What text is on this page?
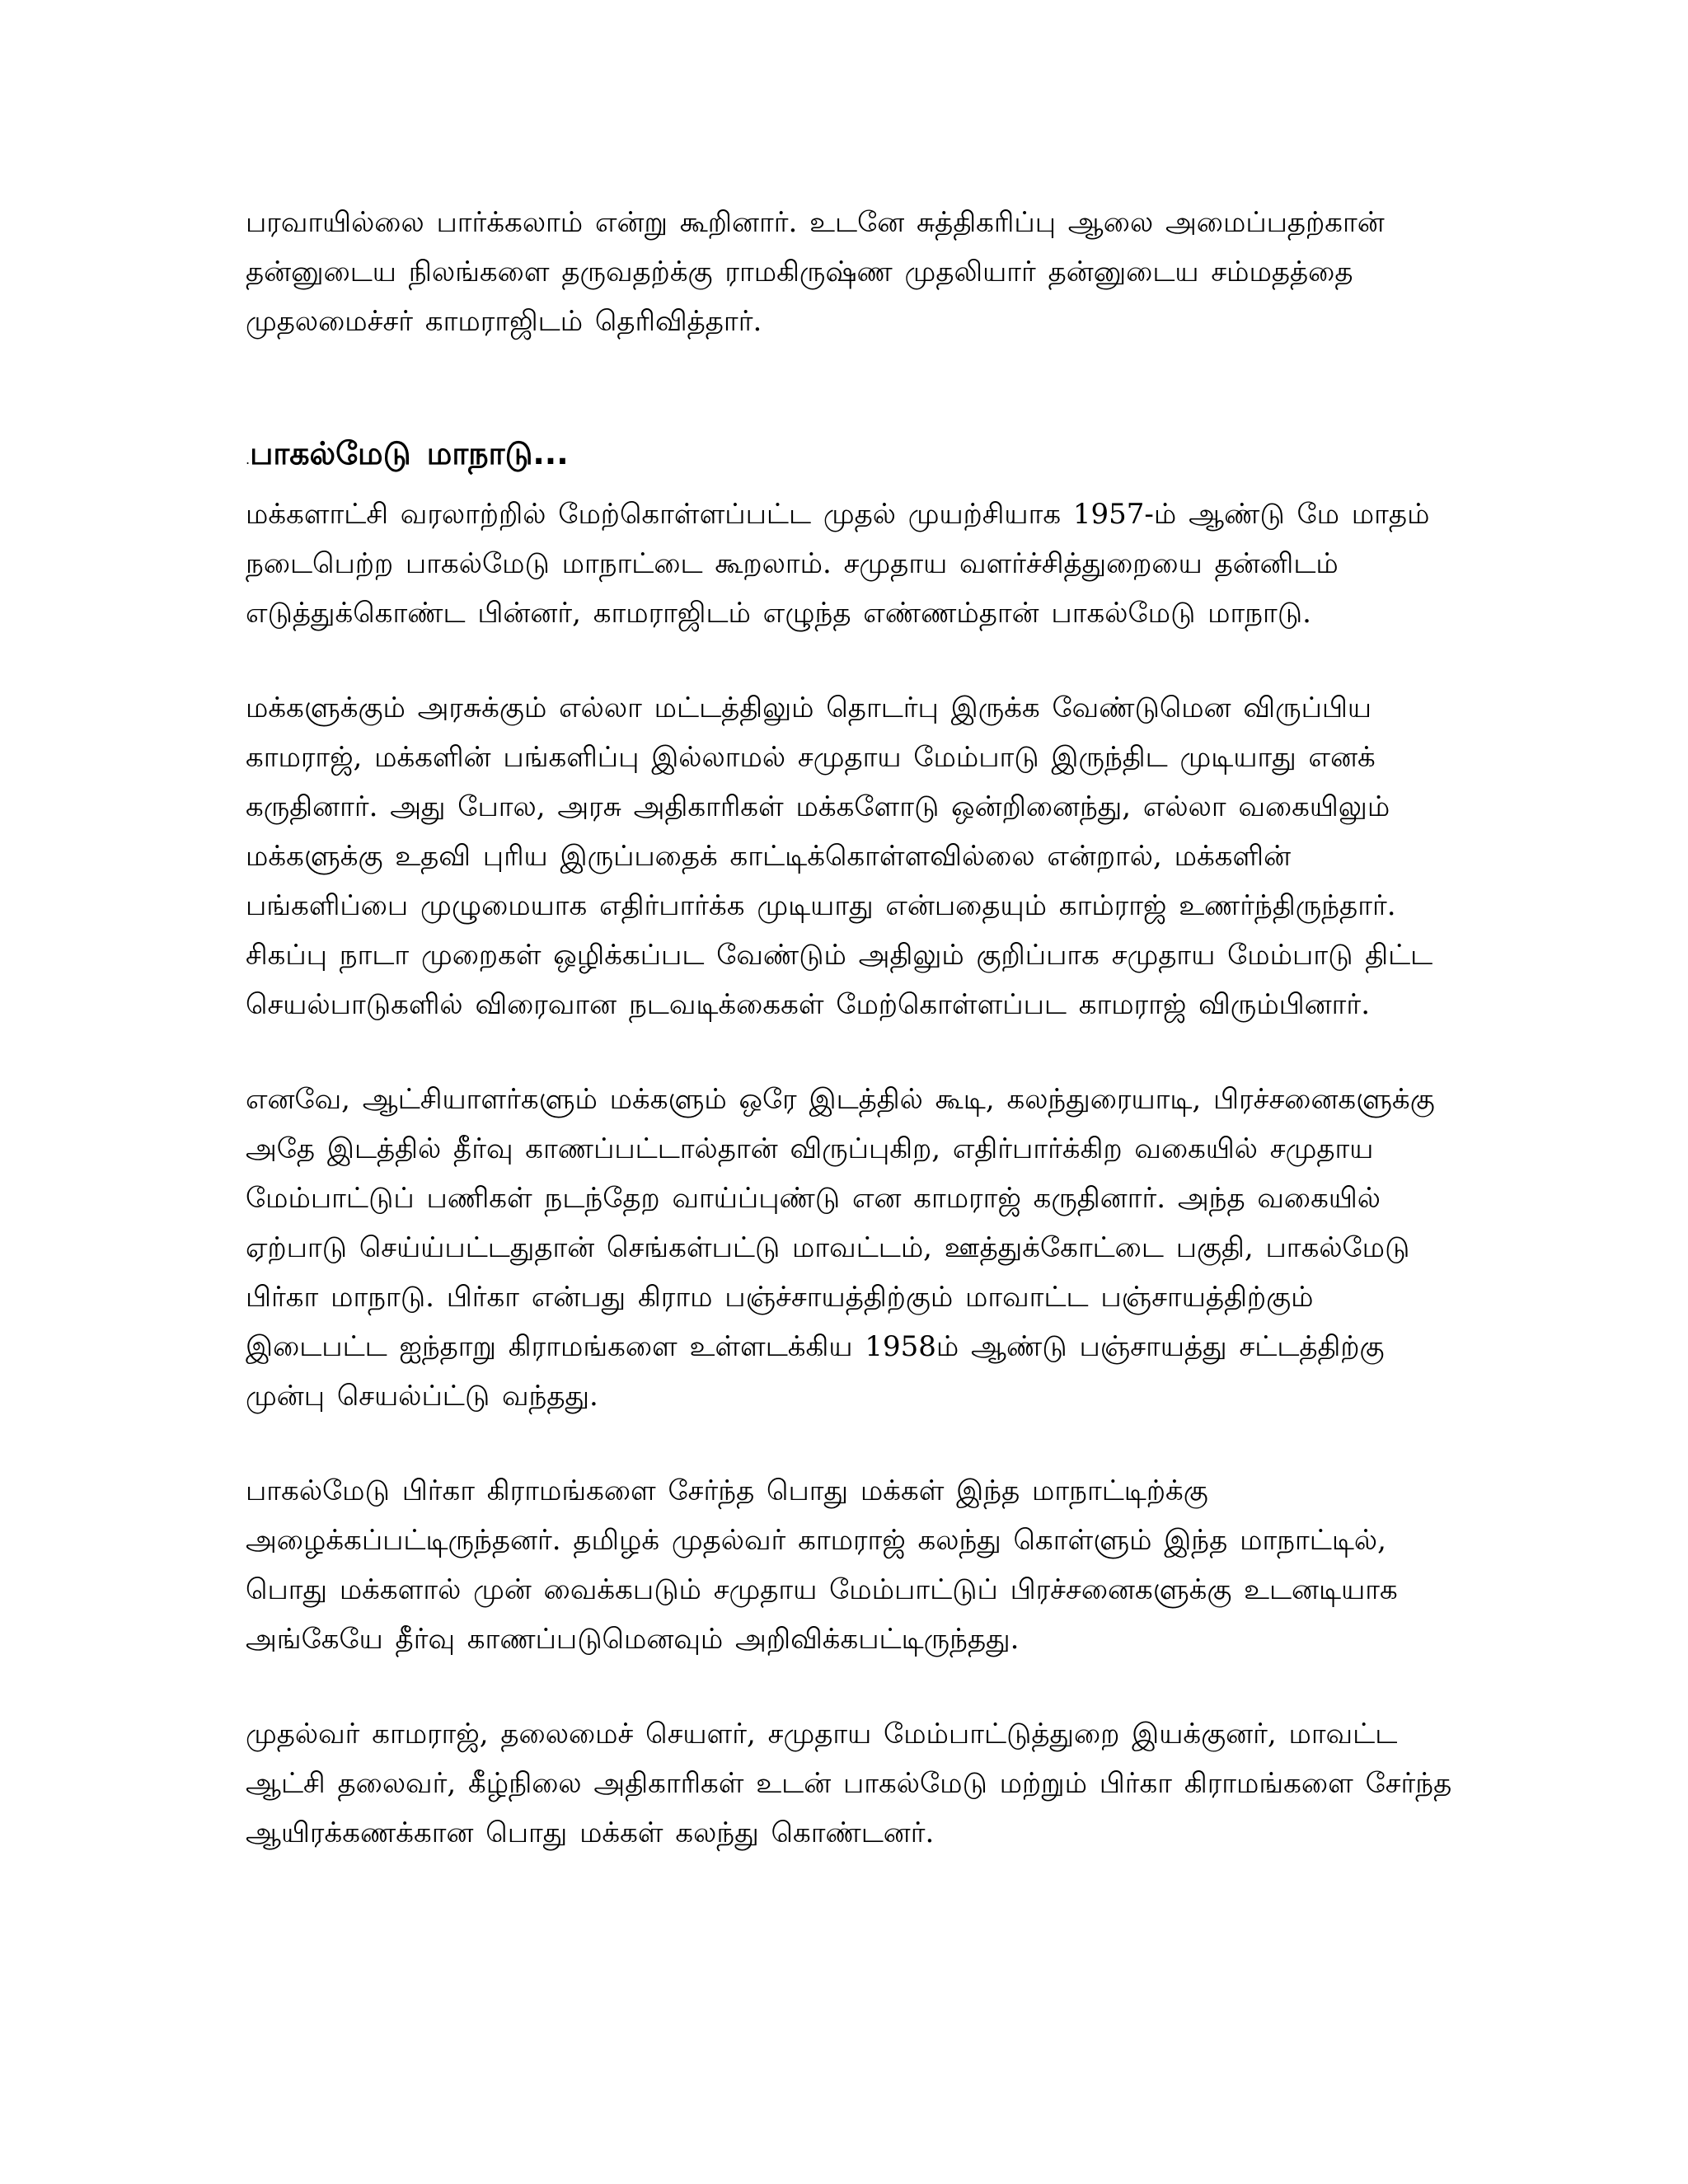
பரவாயில்லை பார்க்கலாம் என்று கூறினார். உடனே சுத்திகரிப்பு ஆலை அமைப்பதற்கான் தன்னுடைய நிலங்களை தருவதற்க்கு ராமகிருஷ்ண முதலியார் தன்னுடைய சம்மதத்தை முதலமைச்சர் காமராஜிடம் தெரிவித்தார்.

.பாகல்மேடு மாநாடு...

மக்களாட்சி வரலாற்றில் மேற்கொள்ளப்பட்ட முதல் முயற்சியாக 1957-ம் ஆண்டு மே மாதம் நடைபெற்ற பாகல்மேடு மாநாட்டை கூறலாம். சமுதாய வளர்ச்சித்துறையை தன்னிடம் எடுத்துக்கொண்ட பின்னர், காமராஜிடம் எழுந்த எண்ணம்தான் பாகல்மேடு மாநாடு.

மக்களுக்கும் அரசுக்கும் எல்லா மட்டத்திலும் தொடர்பு இருக்க வேண்டுமென விருப்பிய காமராஜ், மக்களின் பங்களிப்பு இல்லாமல் சமுதாய மேம்பாடு இருந்திட முடியாது எனக் கருதினார். அது போல, அரசு அதிகாரிகள் மக்களோடு ஒன்றினைந்து, எல்லா வகையிலும் மக்களுக்கு உதவி புரிய இருப்பதைக் காட்டிக்கொள்ளவில்லை என்றால், மக்களின் பங்களிப்பை முழுமையாக எதிர்பார்க்க முடியாது என்பதையும் காம்ராஜ் உணர்ந்திருந்தார். சிகப்பு நாடா முறைகள் ஒழிக்கப்பட வேண்டும் அதிலும் குறிப்பாக சமுதாய மேம்பாடு திட்ட செயல்பாடுகளில் விரைவான நடவடிக்கைகள் மேற்கொள்ளப்பட காமராஜ் விரும்பினார்.

எனவே, ஆட்சியாளர்களும் மக்களும் ஒரே இடத்தில் கூடி, கலந்துரையாடி, பிரச்சனைகளுக்கு அதே இடத்தில் தீர்வு காணப்பட்டால்தான் விருப்புகிற, எதிர்பார்க்கிற வகையில் சமுதாய மேம்பாட்டுப் பணிகள் நடந்தேற வாய்ப்புண்டு என காமராஜ் கருதினார். அந்த வகையில் ஏற்பாடு செய்ய்பட்டதுதான் செங்கள்பட்டு மாவட்டம், ஊத்துக்கோட்டை பகுதி, பாகல்மேடு பிர்கா மாநாடு. பிர்கா என்பது கிராம பஞ்ச்சாயத்திற்கும் மாவாட்ட பஞ்சாயத்திற்கும் இடைபட்ட ஐந்தாறு கிராமங்களை உள்ளடக்கிய 1958ம் ஆண்டு பஞ்சாயத்து சட்டத்திற்கு முன்பு செயல்ப்ட்டு வந்தது.

பாகல்மேடு பிர்கா கிராமங்களை சேர்ந்த பொது மக்கள் இந்த மாநாட்டிற்க்கு அழைக்கப்பட்டிருந்தனர். தமிழக் முதல்வர் காமராஜ் கலந்து கொள்ளும் இந்த மாநாட்டில், பொது மக்களால் முன் வைக்கபடும் சமுதாய மேம்பாட்டுப் பிரச்சனைகளுக்கு உடனடியாக அங்கேயே தீர்வு காணப்படுமெனவும் அறிவிக்கபட்டிருந்தது.

முதல்வர் காமராஜ், தலைமைச் செயளர், சமுதாய மேம்பாட்டுத்துறை இயக்குனர், மாவட்ட ஆட்சி தலைவர், கீழ்நிலை அதிகாரிகள் உடன் பாகல்மேடு மற்றும் பிர்கா கிராமங்களை சேர்ந்த ஆயிரக்கணக்கான பொது மக்கள் கலந்து கொண்டனர்.
